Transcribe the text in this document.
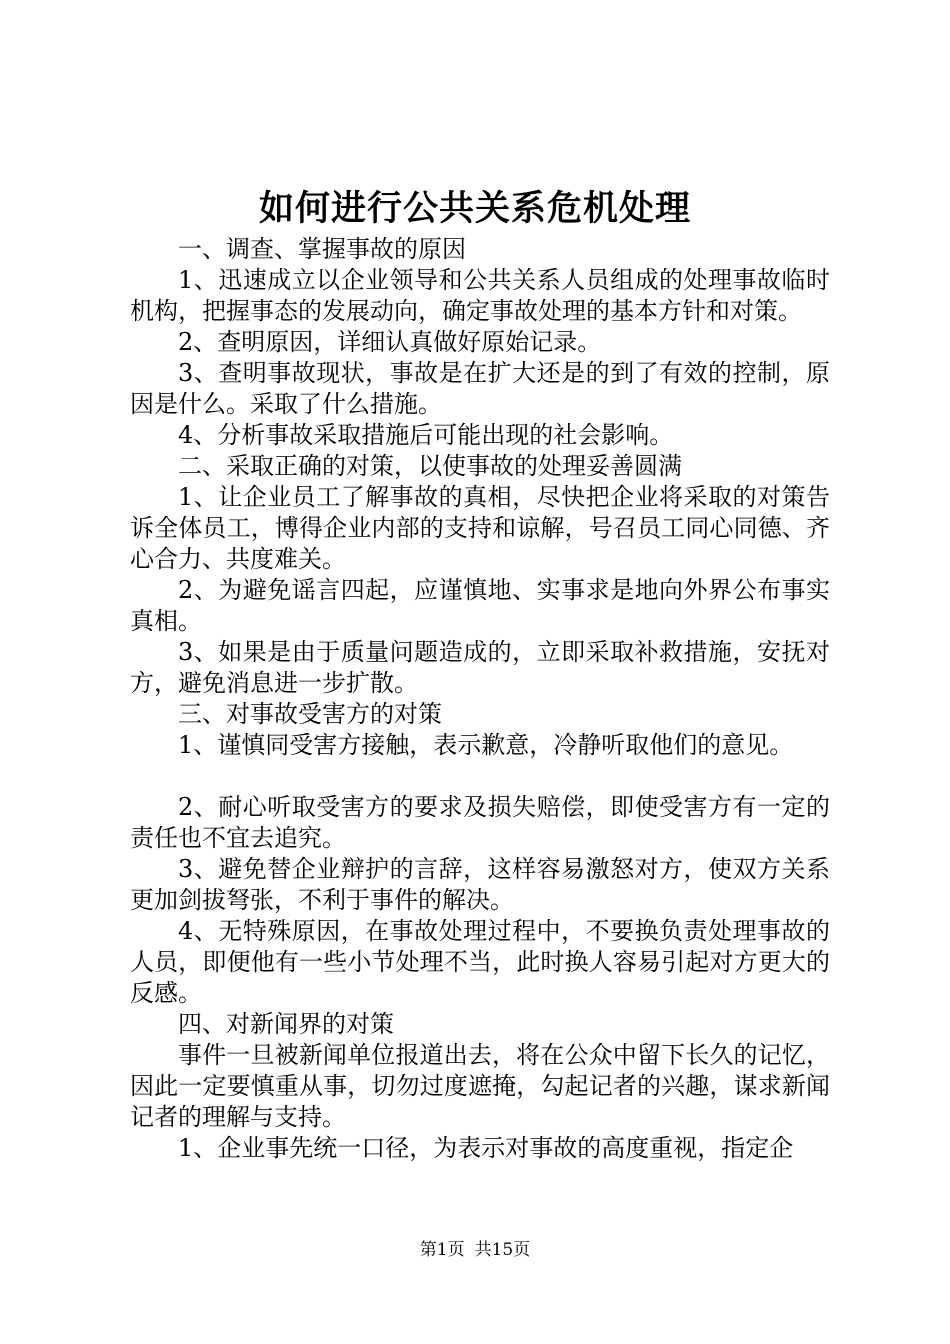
如何进行公共关系危机处理

一、调查、掌握事故的原因

1、迅速成立以企业领导和公共关系人员组成的处理事故临时机构，把握事态的发展动向，确定事故处理的基本方针和对策。

2、查明原因，详细认真做好原始记录。

3、查明事故现状，事故是在扩大还是的到了有效的控制，原因是什么。采取了什么措施。

4、分析事故采取措施后可能出现的社会影响。

二、采取正确的对策，以使事故的处理妥善圆满

1、让企业员工了解事故的真相，尽快把企业将采取的对策告诉全体员工，博得企业内部的支持和谅解，号召员工同心同德、齐心合力、共度难关。

2、为避免谣言四起，应谨慎地、实事求是地向外界公布事实真相。

3、如果是由于质量问题造成的，立即采取补救措施，安抚对方，避免消息进一步扩散。

三、对事故受害方的对策

1、谨慎同受害方接触，表示歉意，冷静听取他们的意见。

2、耐心听取受害方的要求及损失赔偿，即使受害方有一定的责任也不宜去追究。

3、避免替企业辩护的言辞，这样容易激怒对方，使双方关系更加剑拔弩张，不利于事件的解决。

4、无特殊原因，在事故处理过程中，不要换负责处理事故的人员，即便他有一些小节处理不当，此时换人容易引起对方更大的反感。

四、对新闻界的对策

事件一旦被新闻单位报道出去，将在公众中留下长久的记忆，因此一定要慎重从事，切勿过度遮掩，勾起记者的兴趣，谋求新闻记者的理解与支持。

1、企业事先统一口径，为表示对事故的高度重视，指定企

第1页 共15页
